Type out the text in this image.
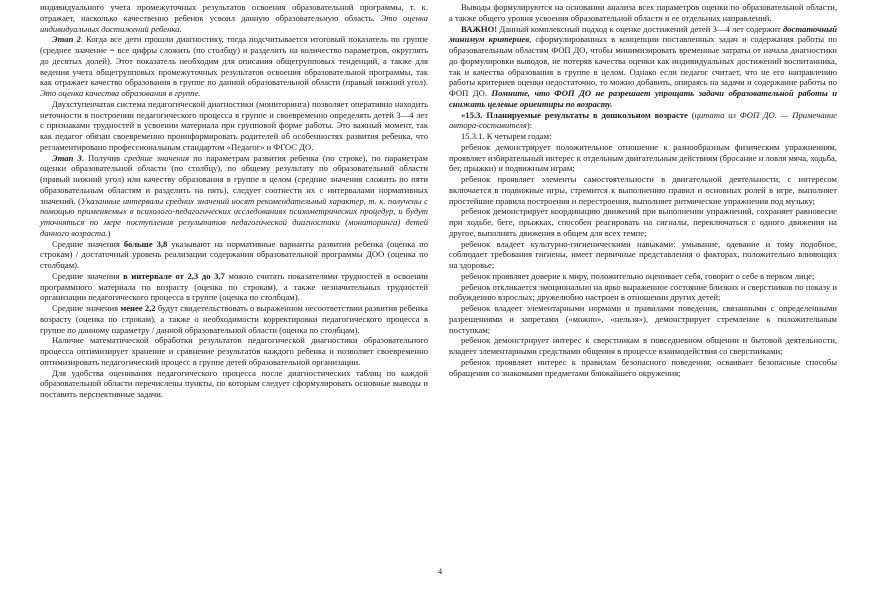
индивидуального учета промежуточных результатов освоения образовательной программы, т. к. отражает, насколько качественно ребенок усвоил данную образовательную область. Это оценка индивидуальных достижений ребенка.

Этап 2. Когда все дети прошли диагностику, тогда подсчитывается итоговый показатель по группе (среднее значение = все цифры сложить (по столбцу) и разделить на количество параметров, округлять до десятых долей). Этот показатель необходим для описания общегрупповых тенденций, а также для ведения учета общегрупповых промежуточных результатов освоения образовательной программы, так как отражает качество образования в группе по данной образовательной области (правый нижний угол). Это оценка качества образования в группе.

Двухступенчатая система педагогической диагностики (мониторинга) позволяет оперативно находить неточности в построении педагогического процесса в группе и своевременно определять детей 3—4 лет с признаками трудностей в усвоении материала при групповой форме работы. Это важный момент, так как педагог обязан своевременно проинформировать родителей об особенностях развития ребенка, что регламентировано профессиональным стандартом «Педагог» и ФГОС ДО.

Этап 3. Получив средние значения по параметрам развития ребенка (по строке), по параметрам оценки образовательной области (по столбцу), по общему результату по образовательной области (правый нижний угол) или качеству образования в группе в целом (средние значения сложить по пяти образовательным областям и разделить на пять), следует соотнести их с интервалами нормативных значений. (Указанные интервалы средних значений носят рекомендательный характер, т. к. получены с помощью применяемых в психолого-педагогических исследованиях психометрических процедур, и будут уточняться по мере поступления результатов педагогической диагностики (мониторинга) детей данного возраста.)

Средние значения больше 3,8 указывают на нормативные варианты развития ребенка (оценка по строкам) / достаточный уровень реализации содержания образовательной программы ДОО (оценка по столбцам).

Средние значения в интервале от 2,3 до 3,7 можно считать показателями трудностей в освоении программного материала по возрасту (оценка по строкам), а также незначительных трудностей организации педагогического процесса в группе (оценка по столбцам).

Средние значения менее 2,2 будут свидетельствовать о выраженном несоответствии развития ребенка возрасту (оценка по строкам), а также о необходимости корректировки педагогического процесса в группе по данному параметру / данной образовательной области (оценка по столбцам).

Наличие математической обработки результатов педагогической диагностики образовательного процесса оптимизирует хранение и сравнение результатов каждого ребенка и позволяет своевременно оптимизировать педагогический процесс в группе детей образовательной организации.

Для удобства оценивания педагогического процесса после диагностических таблиц по каждой образовательной области перечислены пункты, по которым следует сформулировать основные выводы и поставить перспективные задачи.

Выводы формулируются на основании анализа всех параметров оценки по образовательной области, а также общего уровня усвоения образовательной области и ее отдельных направлений.

ВАЖНО! Данный комплексный подход к оценке достижений детей 3—4 лет содержит достаточный минимум критериев, сформулированных в концепции поставленных задач и содержания работы по образовательным областям ФОП ДО, чтобы минимизировать временные затраты от начала диагностики до формулировки выводов, не потеряв качества оценки как индивидуальных достижений воспитанника, так и качества образования в группе в целом. Однако если педагог считает, что не его направлению работы критериев оценки недостаточно, то можно добавить, опираясь на задачи и содержание работы по ФОП ДО. Помните, что ФОП ДО не разрешает упрощать задачи образовательной работы и снижать целевые ориентиры по возрасту.

«15.3. Планируемые результаты в дошкольном возрасте (цитата из ФОП ДО. — Примечание автора-составителя):

15.3.1. К четырем годам:

ребенок демонстрирует положительное отношение к разнообразным физическим упражнениям, проявляет избирательный интерес к отдельным двигательным действиям (бросание и ловля мяча, ходьба, бег, прыжки) и подвижным играм;

ребенок проявляет элементы самостоятельности в двигательной деятельности, с интересом включается в подвижные игры, стремится к выполнению правил и основных ролей в игре, выполняет простейшие правила построения и перестроения, выполняет ритмические упражнения под музыку;

ребенок демонстрирует координацию движений при выполнении упражнений, сохраняет равновесие при ходьбе, беге, прыжках, способен реагировать на сигналы, переключаться с одного движения на другое, выполнять движения в общем для всех темпе;

ребенок владеет культурно-гигиеническими навыками: умывание, одевание и тому подобное, соблюдает требования гигиены, имеет первичные представления о факторах, положительно влияющих на здоровье;

ребенок проявляет доверие к миру, положительно оценивает себя, говорит о себе в первом лице;

ребенок откликается эмоционально на ярко выраженное состояние близких и сверстников по показу и побуждению взрослых; дружелюбно настроен в отношении других детей;

ребенок владеет элементарными нормами и правилами поведения, связанными с определенными разрешениями и запретами («можно», «нельзя»), демонстрирует стремление к положительным поступкам;

ребенок демонстрирует интерес к сверстникам в повседневном общении и бытовой деятельности, владеет элементарными средствами общения в процессе взаимодействия со сверстниками;

ребенок проявляет интерес к правилам безопасного поведения; осваивает безопасные способы обращения со знакомыми предметами ближайшего окружения;

4
